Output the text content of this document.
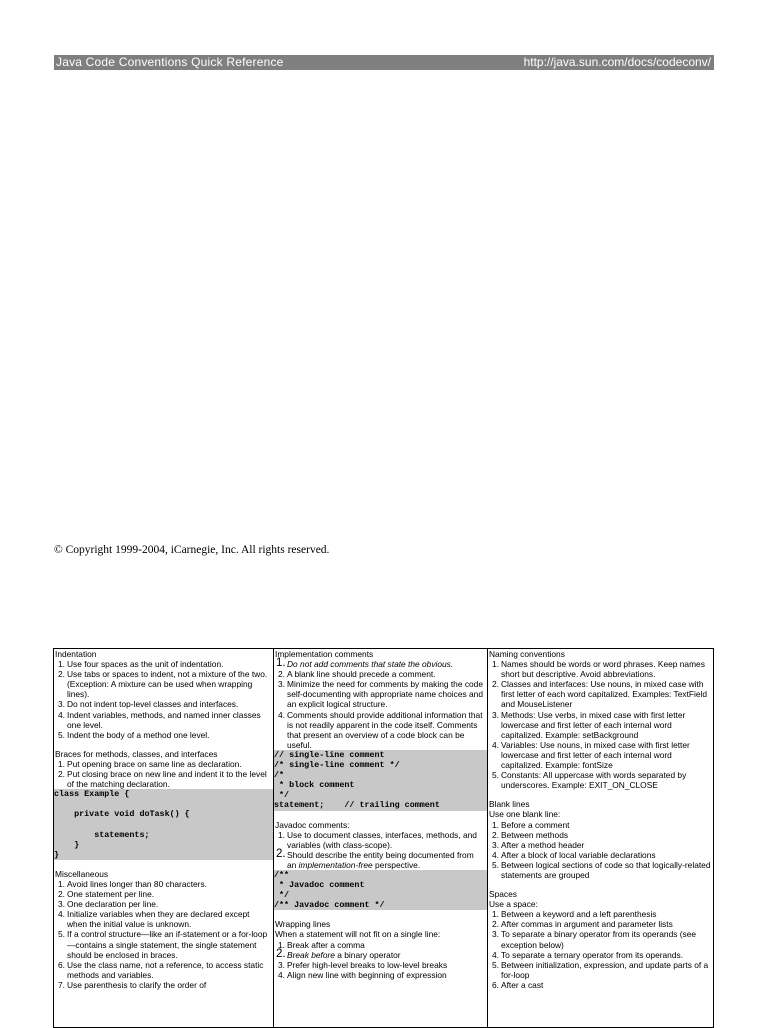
Java Code Conventions Quick Reference	http://java.sun.com/docs/codeconv/
© Copyright 1999-2004, iCarnegie, Inc. All rights reserved.
Indentation
1. Use four spaces as the unit of indentation.
2. Use tabs or spaces to indent, not a mixture of the two. (Exception: A mixture can be used when wrapping lines).
3. Do not indent top-level classes and interfaces.
4. Indent variables, methods, and named inner classes one level.
5. Indent the body of a method one level.
Braces for methods, classes, and interfaces
1. Put opening brace on same line as declaration.
2. Put closing brace on new line and indent it to the level of the matching declaration.
class Example {

private void doTask() {

statements;
}
}
Miscellaneous
1. Avoid lines longer than 80 characters.
2. One statement per line.
3. One declaration per line.
4. Initialize variables when they are declared except when the initial value is unknown.
5. If a control structure—like an if-statement or a for-loop—contains a single statement, the single statement should be enclosed in braces.
6. Use the class name, not a reference, to access static methods and variables.
7. Use parenthesis to clarify the order of
Implementation comments
1. Do not add comments that state the obvious.
2. A blank line should precede a comment.
3. Minimize the need for comments by making the code self-documenting with appropriate name choices and an explicit logical structure.
4. Comments should provide additional information that is not readily apparent in the code itself. Comments that present an overview of a code block can be useful.
// single-line comment
/* single-line comment */
/*
* block comment
*/
statement;    // trailing comment
Javadoc comments:
1. Use to document classes, interfaces, methods, and variables (with class-scope).
2. Should describe the entity being documented from an implementation-free perspective.
/**
* Javadoc comment
*/
/** Javadoc comment */
Wrapping lines
When a statement will not fit on a single line:
1. Break after a comma
2. Break before a binary operator
3. Prefer high-level breaks to low-level breaks
4. Align new line with beginning of expression
Naming conventions
1. Names should be words or word phrases. Keep names short but descriptive. Avoid abbreviations.
2. Classes and interfaces: Use nouns, in mixed case with first letter of each word capitalized. Examples: TextField and MouseListener
3. Methods: Use verbs, in mixed case with first letter lowercase and first letter of each internal word capitalized. Example: setBackground
4. Variables: Use nouns, in mixed case with first letter lowercase and first letter of each internal word capitalized. Example: fontSize
5. Constants: All uppercase with words separated by underscores. Example: EXIT_ON_CLOSE
Blank lines
Use one blank line:
1. Before a comment
2. Between methods
3. After a method header
4. After a block of local variable declarations
5. Between logical sections of code so that logically-related statements are grouped
Spaces
Use a space:
1. Between a keyword and a left parenthesis
2. After commas in argument and parameter lists
3. To separate a binary operator from its operands (see exception below)
4. To separate a ternary operator from its operands.
5. Between initialization, expression, and update parts of a for-loop
6. After a cast
